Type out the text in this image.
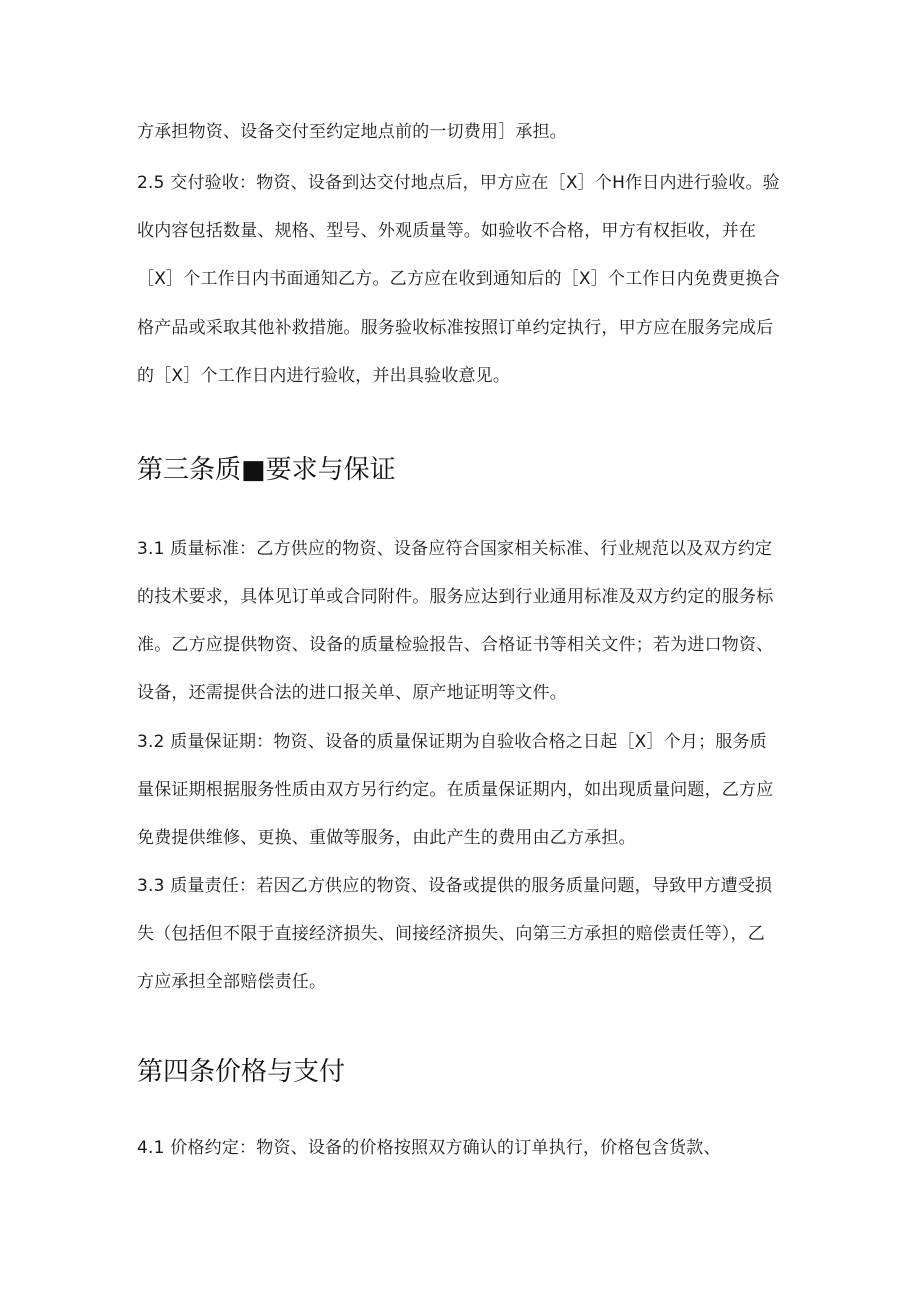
方承担物资、设备交付至约定地点前的一切费用］承担。
2.5 交付验收：物资、设备到达交付地点后，甲方应在［X］个H作日内进行验收。验
收内容包括数量、规格、型号、外观质量等。如验收不合格，甲方有权拒收，并在
［X］个工作日内书面通知乙方。乙方应在收到通知后的［X］个工作日内免费更换合
格产品或采取其他补救措施。服务验收标准按照订单约定执行，甲方应在服务完成后
的［X］个工作日内进行验收，并出具验收意见。
第三条质■要求与保证
3.1 质量标准：乙方供应的物资、设备应符合国家相关标准、行业规范以及双方约定
的技术要求，具体见订单或合同附件。服务应达到行业通用标准及双方约定的服务标
准。乙方应提供物资、设备的质量检验报告、合格证书等相关文件；若为进口物资、
设备，还需提供合法的进口报关单、原产地证明等文件。
3.2 质量保证期：物资、设备的质量保证期为自验收合格之日起［X］个月；服务质
量保证期根据服务性质由双方另行约定。在质量保证期内，如出现质量问题，乙方应
免费提供维修、更换、重做等服务，由此产生的费用由乙方承担。
3.3 质量责任：若因乙方供应的物资、设备或提供的服务质量问题，导致甲方遭受损
失（包括但不限于直接经济损失、间接经济损失、向第三方承担的赔偿责任等），乙
方应承担全部赔偿责任。
第四条价格与支付
4.1 价格约定：物资、设备的价格按照双方确认的订单执行，价格包含货款、
